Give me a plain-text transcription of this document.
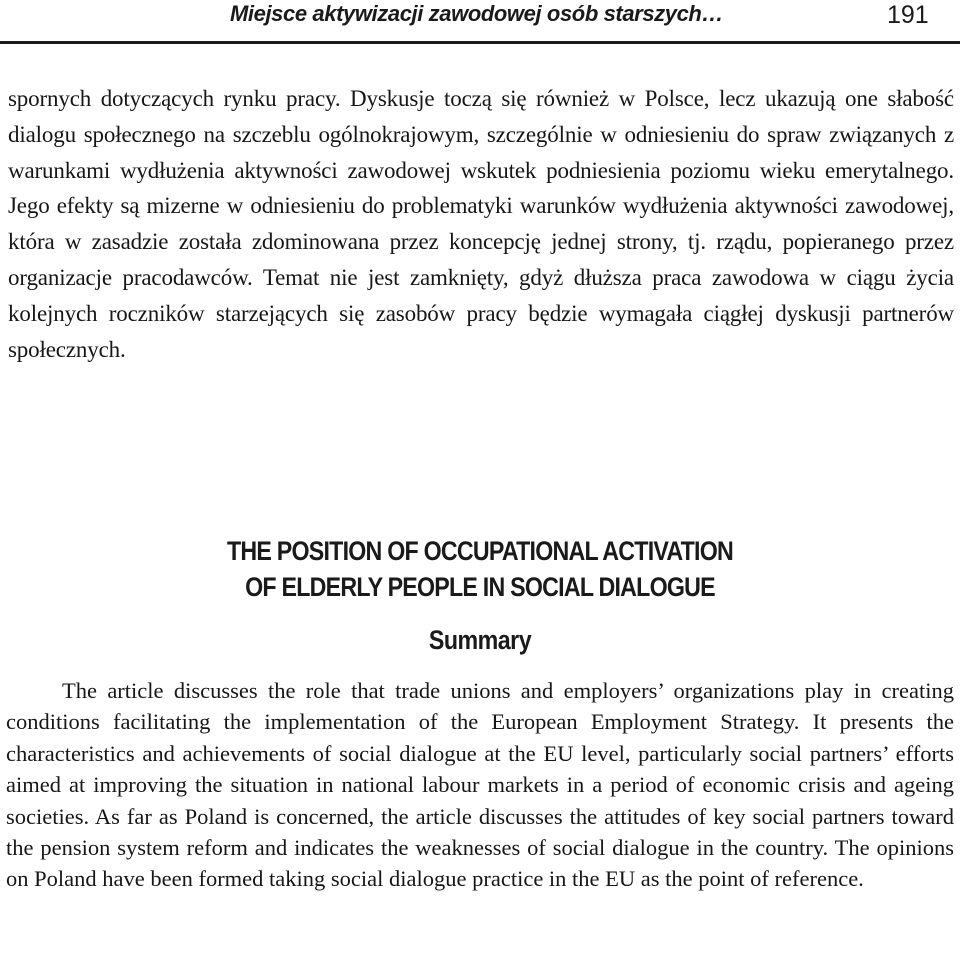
Miejsce aktywizacji zawodowej osób starszych…	191

spornych dotyczących rynku pracy. Dyskusje toczą się również w Polsce, lecz ukazują one słabość dialogu społecznego na szczeblu ogólnokrajowym, szczególnie w odniesieniu do spraw związanych z warunkami wydłużenia aktywności zawodowej wskutek podniesienia poziomu wieku emerytalnego. Jego efekty są mizerne w odniesieniu do problematyki warunków wydłużenia aktywności zawodowej, która w zasadzie została zdominowana przez koncepcję jednej strony, tj. rządu, popieranego przez organizacje pracodawców. Temat nie jest zamknięty, gdyż dłuższa praca zawodowa w ciągu życia kolejnych roczników starzejących się zasobów pracy będzie wymagała ciągłej dyskusji partnerów społecznych.

THE POSITION OF OCCUPATIONAL ACTIVATION
OF ELDERLY PEOPLE IN SOCIAL DIALOGUE
Summary

The article discusses the role that trade unions and employers’ organizations play in creating conditions facilitating the implementation of the European Employment Strategy. It presents the characteristics and achievements of social dialogue at the EU level, particularly social partners’ efforts aimed at improving the situation in national labour markets in a period of economic crisis and ageing societies. As far as Poland is concerned, the article discusses the attitudes of key social partners toward the pension system reform and indicates the weaknesses of social dialogue in the country. The opinions on Poland have been formed taking social dialogue practice in the EU as the point of reference.
